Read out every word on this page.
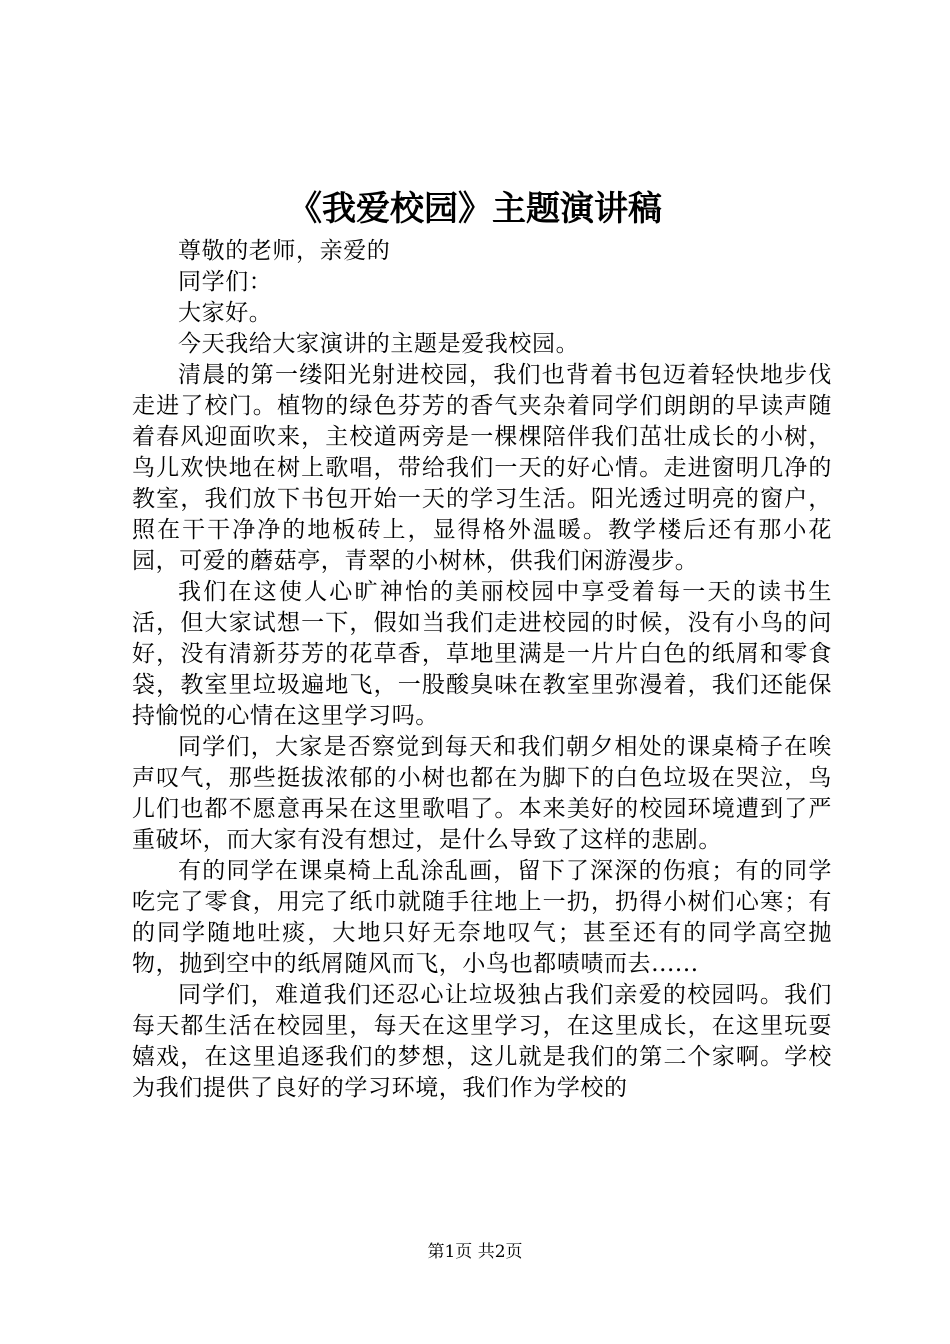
《我爱校园》主题演讲稿

尊敬的老师，亲爱的

同学们：

大家好。

今天我给大家演讲的主题是爱我校园。

清晨的第一缕阳光射进校园，我们也背着书包迈着轻快地步伐走进了校门。植物的绿色芬芳的香气夹杂着同学们朗朗的早读声随着春风迎面吹来，主校道两旁是一棵棵陪伴我们茁壮成长的小树，鸟儿欢快地在树上歌唱，带给我们一天的好心情。走进窗明几净的教室，我们放下书包开始一天的学习生活。阳光透过明亮的窗户，照在干干净净的地板砖上，显得格外温暖。教学楼后还有那小花园，可爱的蘑菇亭，青翠的小树林，供我们闲游漫步。

我们在这使人心旷神怡的美丽校园中享受着每一天的读书生活，但大家试想一下，假如当我们走进校园的时候，没有小鸟的问好，没有清新芬芳的花草香，草地里满是一片片白色的纸屑和零食袋，教室里垃圾遍地飞，一股酸臭味在教室里弥漫着，我们还能保持愉悦的心情在这里学习吗。

同学们，大家是否察觉到每天和我们朝夕相处的课桌椅子在唉声叹气，那些挺拔浓郁的小树也都在为脚下的白色垃圾在哭泣，鸟儿们也都不愿意再呆在这里歌唱了。本来美好的校园环境遭到了严重破坏，而大家有没有想过，是什么导致了这样的悲剧。

有的同学在课桌椅上乱涂乱画，留下了深深的伤痕；有的同学吃完了零食，用完了纸巾就随手往地上一扔，扔得小树们心寒；有的同学随地吐痰，大地只好无奈地叹气；甚至还有的同学高空抛物，抛到空中的纸屑随风而飞，小鸟也都啧啧而去......

同学们，难道我们还忍心让垃圾独占我们亲爱的校园吗。我们每天都生活在校园里，每天在这里学习，在这里成长，在这里玩耍嬉戏，在这里追逐我们的梦想，这儿就是我们的第二个家啊。学校为我们提供了良好的学习环境，我们作为学校的

第1页 共2页
